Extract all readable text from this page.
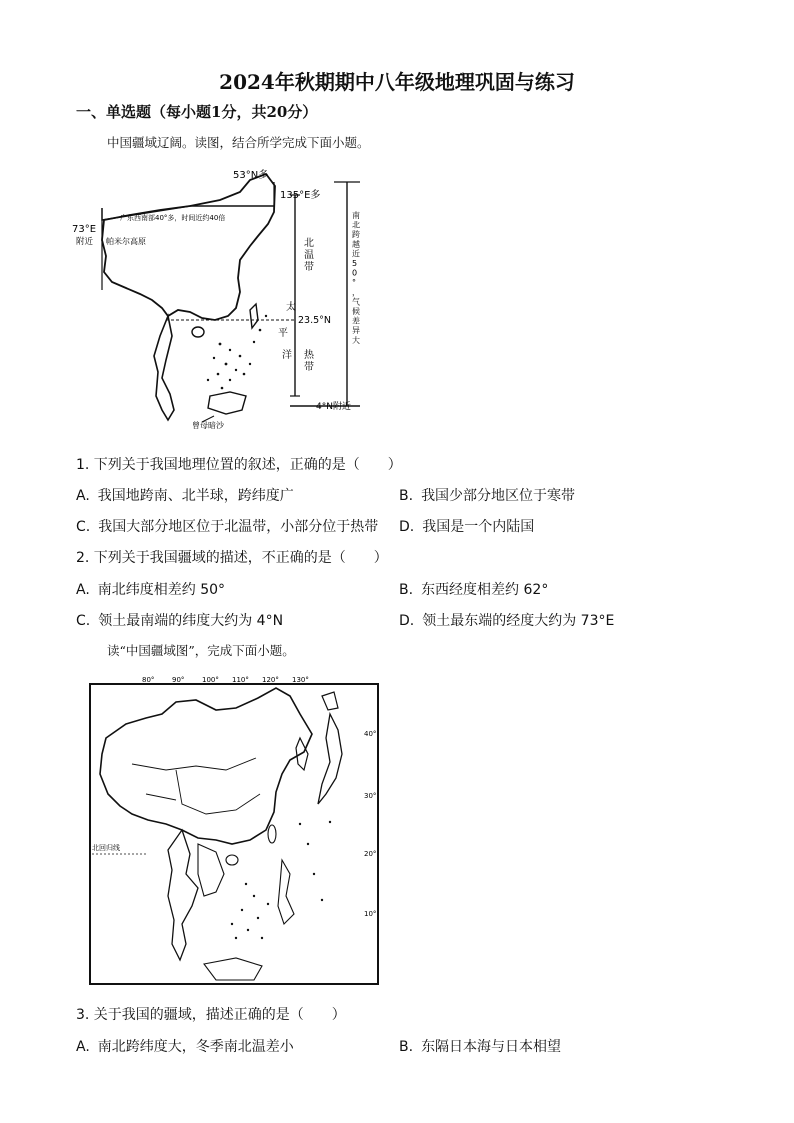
2024年秋期期中八年级地理巩固与练习
一、单选题（每小题1分，共20分）
中国疆域辽阔。读图，结合所学完成下面小题。
53°N多
135°E多
73°E
附近 帕米尔高原
广东西南部40°多，时间近约40倍
23.5°N
4°N附近
曾母暗沙
北
温
带
热
带
太
平
洋
南
北
跨
越
近
5
0
°
，
气
候
差
异
大
1. 下列关于我国地理位置的叙述，正确的是（　　）
A. 我国地跨南、北半球，跨纬度广	B. 我国少部分地区位于寒带
C. 我国大部分地区位于北温带，小部分位于热带 D. 我国是一个内陆国
2. 下列关于我国疆域的描述，不正确的是（　　）
A. 南北纬度相差约 50°	B. 东西经度相差约 62°
C. 领土最南端的纬度大约为 4°N	D. 领土最东端的经度大约为 73°E
读“中国疆域图”，完成下面小题。
80°	90°	100° 110° 120° 130°
40°
30°
20°
10°
北回归线
3. 关于我国的疆域，描述正确的是（　　）
A. 南北跨纬度大，冬季南北温差小	B. 东隔日本海与日本相望
